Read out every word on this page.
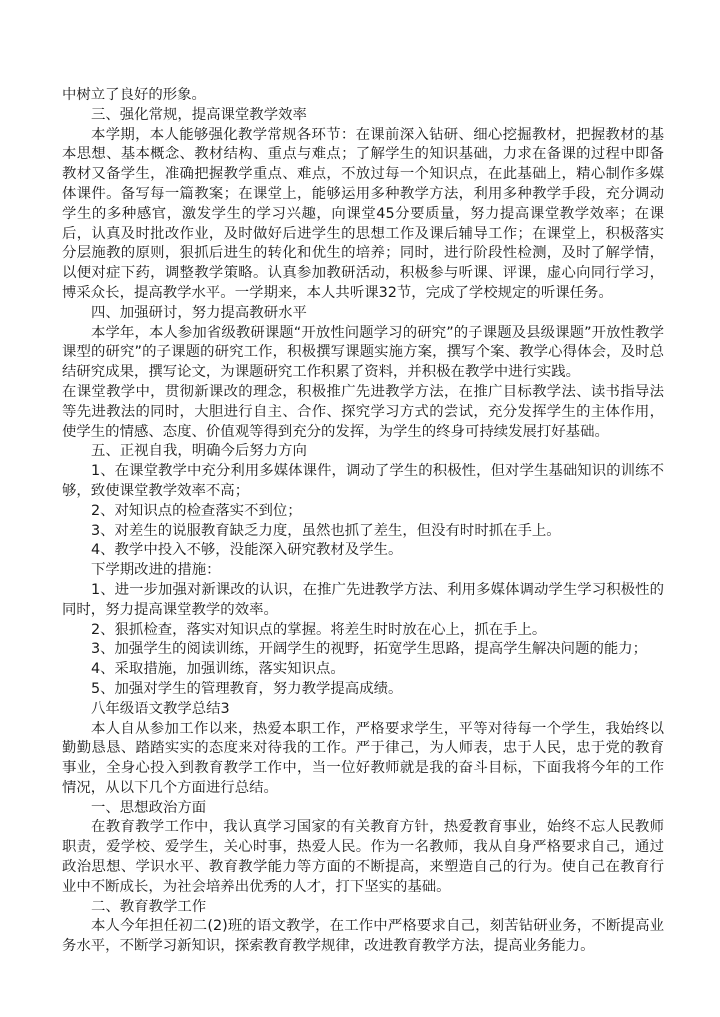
中树立了良好的形象。

三、强化常规，提高课堂教学效率

本学期，本人能够强化教学常规各环节：在课前深入钻研、细心挖掘教材，把握教材的基本思想、基本概念、教材结构、重点与难点；了解学生的知识基础，力求在备课的过程中即备教材又备学生，准确把握教学重点、难点，不放过每一个知识点，在此基础上，精心制作多媒体课件。备写每一篇教案；在课堂上，能够运用多种教学方法，利用多种教学手段，充分调动学生的多种感官，激发学生的学习兴趣，向课堂45分要质量，努力提高课堂教学效率；在课后，认真及时批改作业，及时做好后进学生的思想工作及课后辅导工作；在课堂上，积极落实分层施教的原则，狠抓后进生的转化和优生的培养；同时，进行阶段性检测，及时了解学情，以便对症下药，调整教学策略。认真参加教研活动，积极参与听课、评课，虚心向同行学习，博采众长，提高教学水平。一学期来，本人共听课32节，完成了学校规定的听课任务。

四、加强研讨，努力提高教研水平

本学年，本人参加省级教研课题“开放性问题学习的研究”的子课题及县级课题”开放性教学课型的研究”的子课题的研究工作，积极撰写课题实施方案，撰写个案、教学心得体会，及时总结研究成果，撰写论文，为课题研究工作积累了资料，并积极在教学中进行实践。

在课堂教学中，贯彻新课改的理念，积极推广先进教学方法，在推广目标教学法、读书指导法等先进教法的同时，大胆进行自主、合作、探究学习方式的尝试，充分发挥学生的主体作用，使学生的情感、态度、价值观等得到充分的发挥，为学生的终身可持续发展打好基础。

五、正视自我，明确今后努力方向

1、在课堂教学中充分利用多媒体课件，调动了学生的积极性，但对学生基础知识的训练不够，致使课堂教学效率不高；

2、对知识点的检查落实不到位；

3、对差生的说服教育缺乏力度，虽然也抓了差生，但没有时时抓在手上。

4、教学中投入不够，没能深入研究教材及学生。

下学期改进的措施：

1、进一步加强对新课改的认识，在推广先进教学方法、利用多媒体调动学生学习积极性的同时，努力提高课堂教学的效率。

2、狠抓检查，落实对知识点的掌握。将差生时时放在心上，抓在手上。

3、加强学生的阅读训练，开阔学生的视野，拓宽学生思路，提高学生解决问题的能力；

4、采取措施，加强训练，落实知识点。

5、加强对学生的管理教育，努力教学提高成绩。

八年级语文教学总结3

本人自从参加工作以来，热爱本职工作，严格要求学生，平等对待每一个学生，我始终以勤勤恳恳、踏踏实实的态度来对待我的工作。严于律己，为人师表，忠于人民，忠于党的教育事业，全身心投入到教育教学工作中，当一位好教师就是我的奋斗目标，下面我将今年的工作情况，从以下几个方面进行总结。

一、思想政治方面

在教育教学工作中，我认真学习国家的有关教育方针，热爱教育事业，始终不忘人民教师职责，爱学校、爱学生，关心时事，热爱人民。作为一名教师，我从自身严格要求自己，通过政治思想、学识水平、教育教学能力等方面的不断提高，来塑造自己的行为。使自己在教育行业中不断成长，为社会培养出优秀的人才，打下坚实的基础。

二、教育教学工作

本人今年担任初二(2)班的语文教学，在工作中严格要求自己，刻苦钻研业务，不断提高业务水平，不断学习新知识，探索教育教学规律，改进教育教学方法，提高业务能力。
